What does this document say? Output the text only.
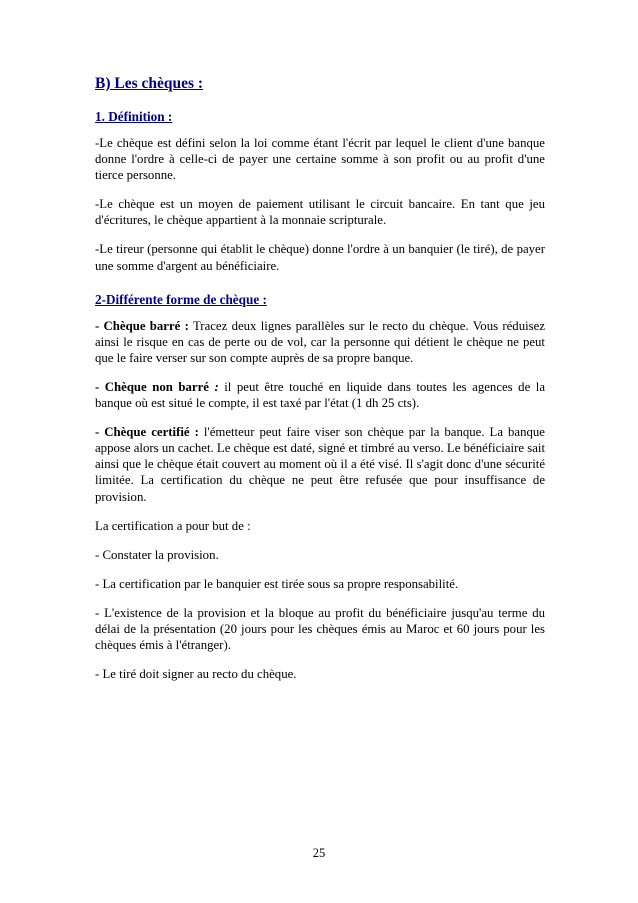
B) Les chèques :
1. Définition :

-Le chèque est défini selon la loi comme étant l'écrit par lequel le client d'une banque donne l'ordre à celle-ci de payer une certaine somme à son profit ou au profit d'une tierce personne.

-Le chèque est un moyen de paiement utilisant le circuit bancaire. En tant que jeu d'écritures, le chèque appartient à la monnaie scripturale.

-Le tireur (personne qui établit le chèque) donne l'ordre à un banquier (le tiré), de payer une somme d'argent au bénéficiaire.

2-Différente forme de chèque :

- Chèque barré : Tracez deux lignes parallèles sur le recto du chèque. Vous réduisez ainsi le risque en cas de perte ou de vol, car la personne qui détient le chèque ne peut que le faire verser sur son compte auprès de sa propre banque.

- Chèque non barré : il peut être touché en liquide dans toutes les agences de la banque où est situé le compte, il est taxé par l'état (1 dh 25 cts).

- Chèque certifié : l'émetteur peut faire viser son chèque par la banque. La banque appose alors un cachet. Le chèque est daté, signé et timbré au verso. Le bénéficiaire sait ainsi que le chèque était couvert au moment où il a été visé. Il s'agit donc d'une sécurité limitée. La certification du chèque ne peut être refusée que pour insuffisance de provision.

La certification a pour but de :

- Constater la provision.

- La certification par le banquier est tirée sous sa propre responsabilité.

- L'existence de la provision et la bloque au profit du bénéficiaire jusqu'au terme du délai de la présentation (20 jours pour les chèques émis au Maroc et 60 jours pour les chèques émis à l'étranger).

- Le tiré doit signer au recto du chèque.

25
